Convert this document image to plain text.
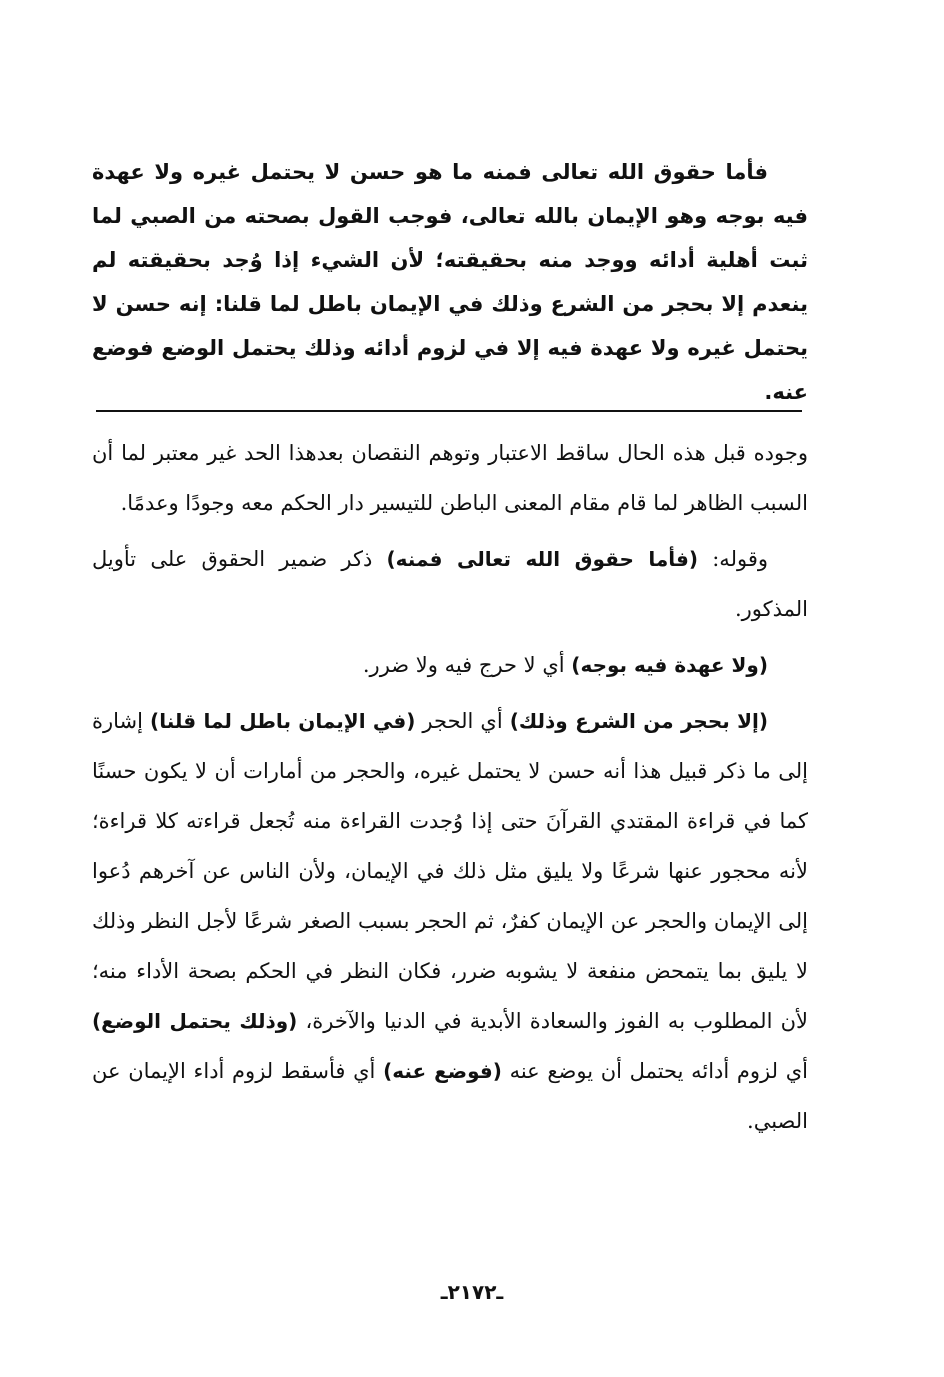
فأما حقوق الله تعالى فمنه ما هو حسن لا يحتمل غيره ولا عهدة فيه بوجه وهو الإيمان بالله تعالى، فوجب القول بصحته من الصبي لما ثبت أهلية أدائه ووجد منه بحقيقته؛ لأن الشيء إذا وُجد بحقيقته لم ينعدم إلا بحجر من الشرع وذلك في الإيمان باطل لما قلنا: إنه حسن لا يحتمل غيره ولا عهدة فيه إلا في لزوم أدائه وذلك يحتمل الوضع فوضع عنه.

وجوده قبل هذه الحال ساقط الاعتبار وتوهم النقصان بعدهذا الحد غير معتبر لما أن السبب الظاهر لما قام مقام المعنى الباطن للتيسير دار الحكم معه وجودًا وعدمًا.

وقوله: (فأما حقوق الله تعالى فمنه) ذكر ضمير الحقوق على تأويل المذكور.

(ولا عهدة فيه بوجه) أي لا حرج فيه ولا ضرر.

(إلا بحجر من الشرع وذلك) أي الحجر (في الإيمان باطل لما قلنا) إشارة إلى ما ذكر قبيل هذا أنه حسن لا يحتمل غيره، والحجر من أمارات أن لا يكون حسنًا كما في قراءة المقتدي القرآنَ حتى إذا وُجدت القراءة منه تُجعل قراءته كلا قراءة؛ لأنه محجور عنها شرعًا ولا يليق مثل ذلك في الإيمان، ولأن الناس عن آخرهم دُعوا إلى الإيمان والحجر عن الإيمان كفرٌ، ثم الحجر بسبب الصغر شرعًا لأجل النظر وذلك لا يليق بما يتمحض منفعة لا يشوبه ضرر، فكان النظر في الحكم بصحة الأداء منه؛ لأن المطلوب به الفوز والسعادة الأبدية في الدنيا والآخرة، (وذلك يحتمل الوضع) أي لزوم أدائه يحتمل أن يوضع عنه (فوضع عنه) أي فأسقط لزوم أداء الإيمان عن الصبي.

ـ٢١٧٢ـ
